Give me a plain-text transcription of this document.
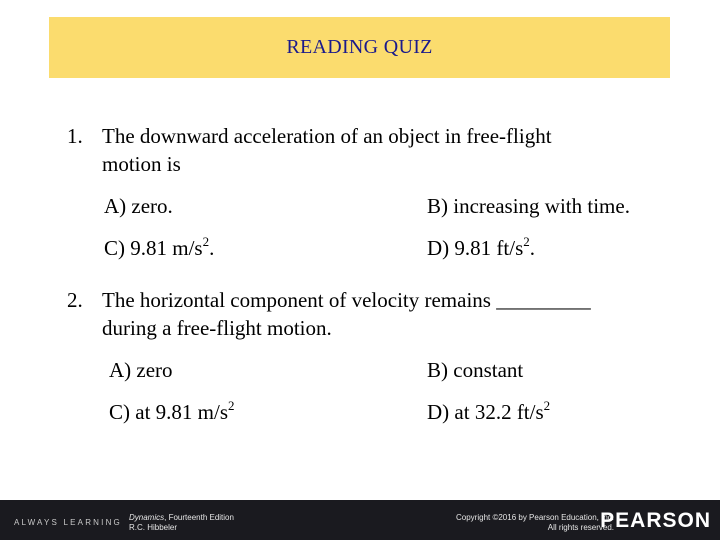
READING QUIZ
1. The downward acceleration of an object in free-flight
motion is
A) zero.	B) increasing with time.
C) 9.81 $m/s^2$.	D) 9.81 $ft/s^2$.
2. The horizontal component of velocity remains _________
during a free-flight motion.
A) zero	B) constant
C) at 9.81 $m/s^2$	D) at 32.2 $ft/s^2$
ALWAYS LEARNING
Dynamics, Fourteenth Edition
R.C. Hibbeler
Copyright ©2016 by Pearson Education, Inc.
All rights reserved.
PEARSON
